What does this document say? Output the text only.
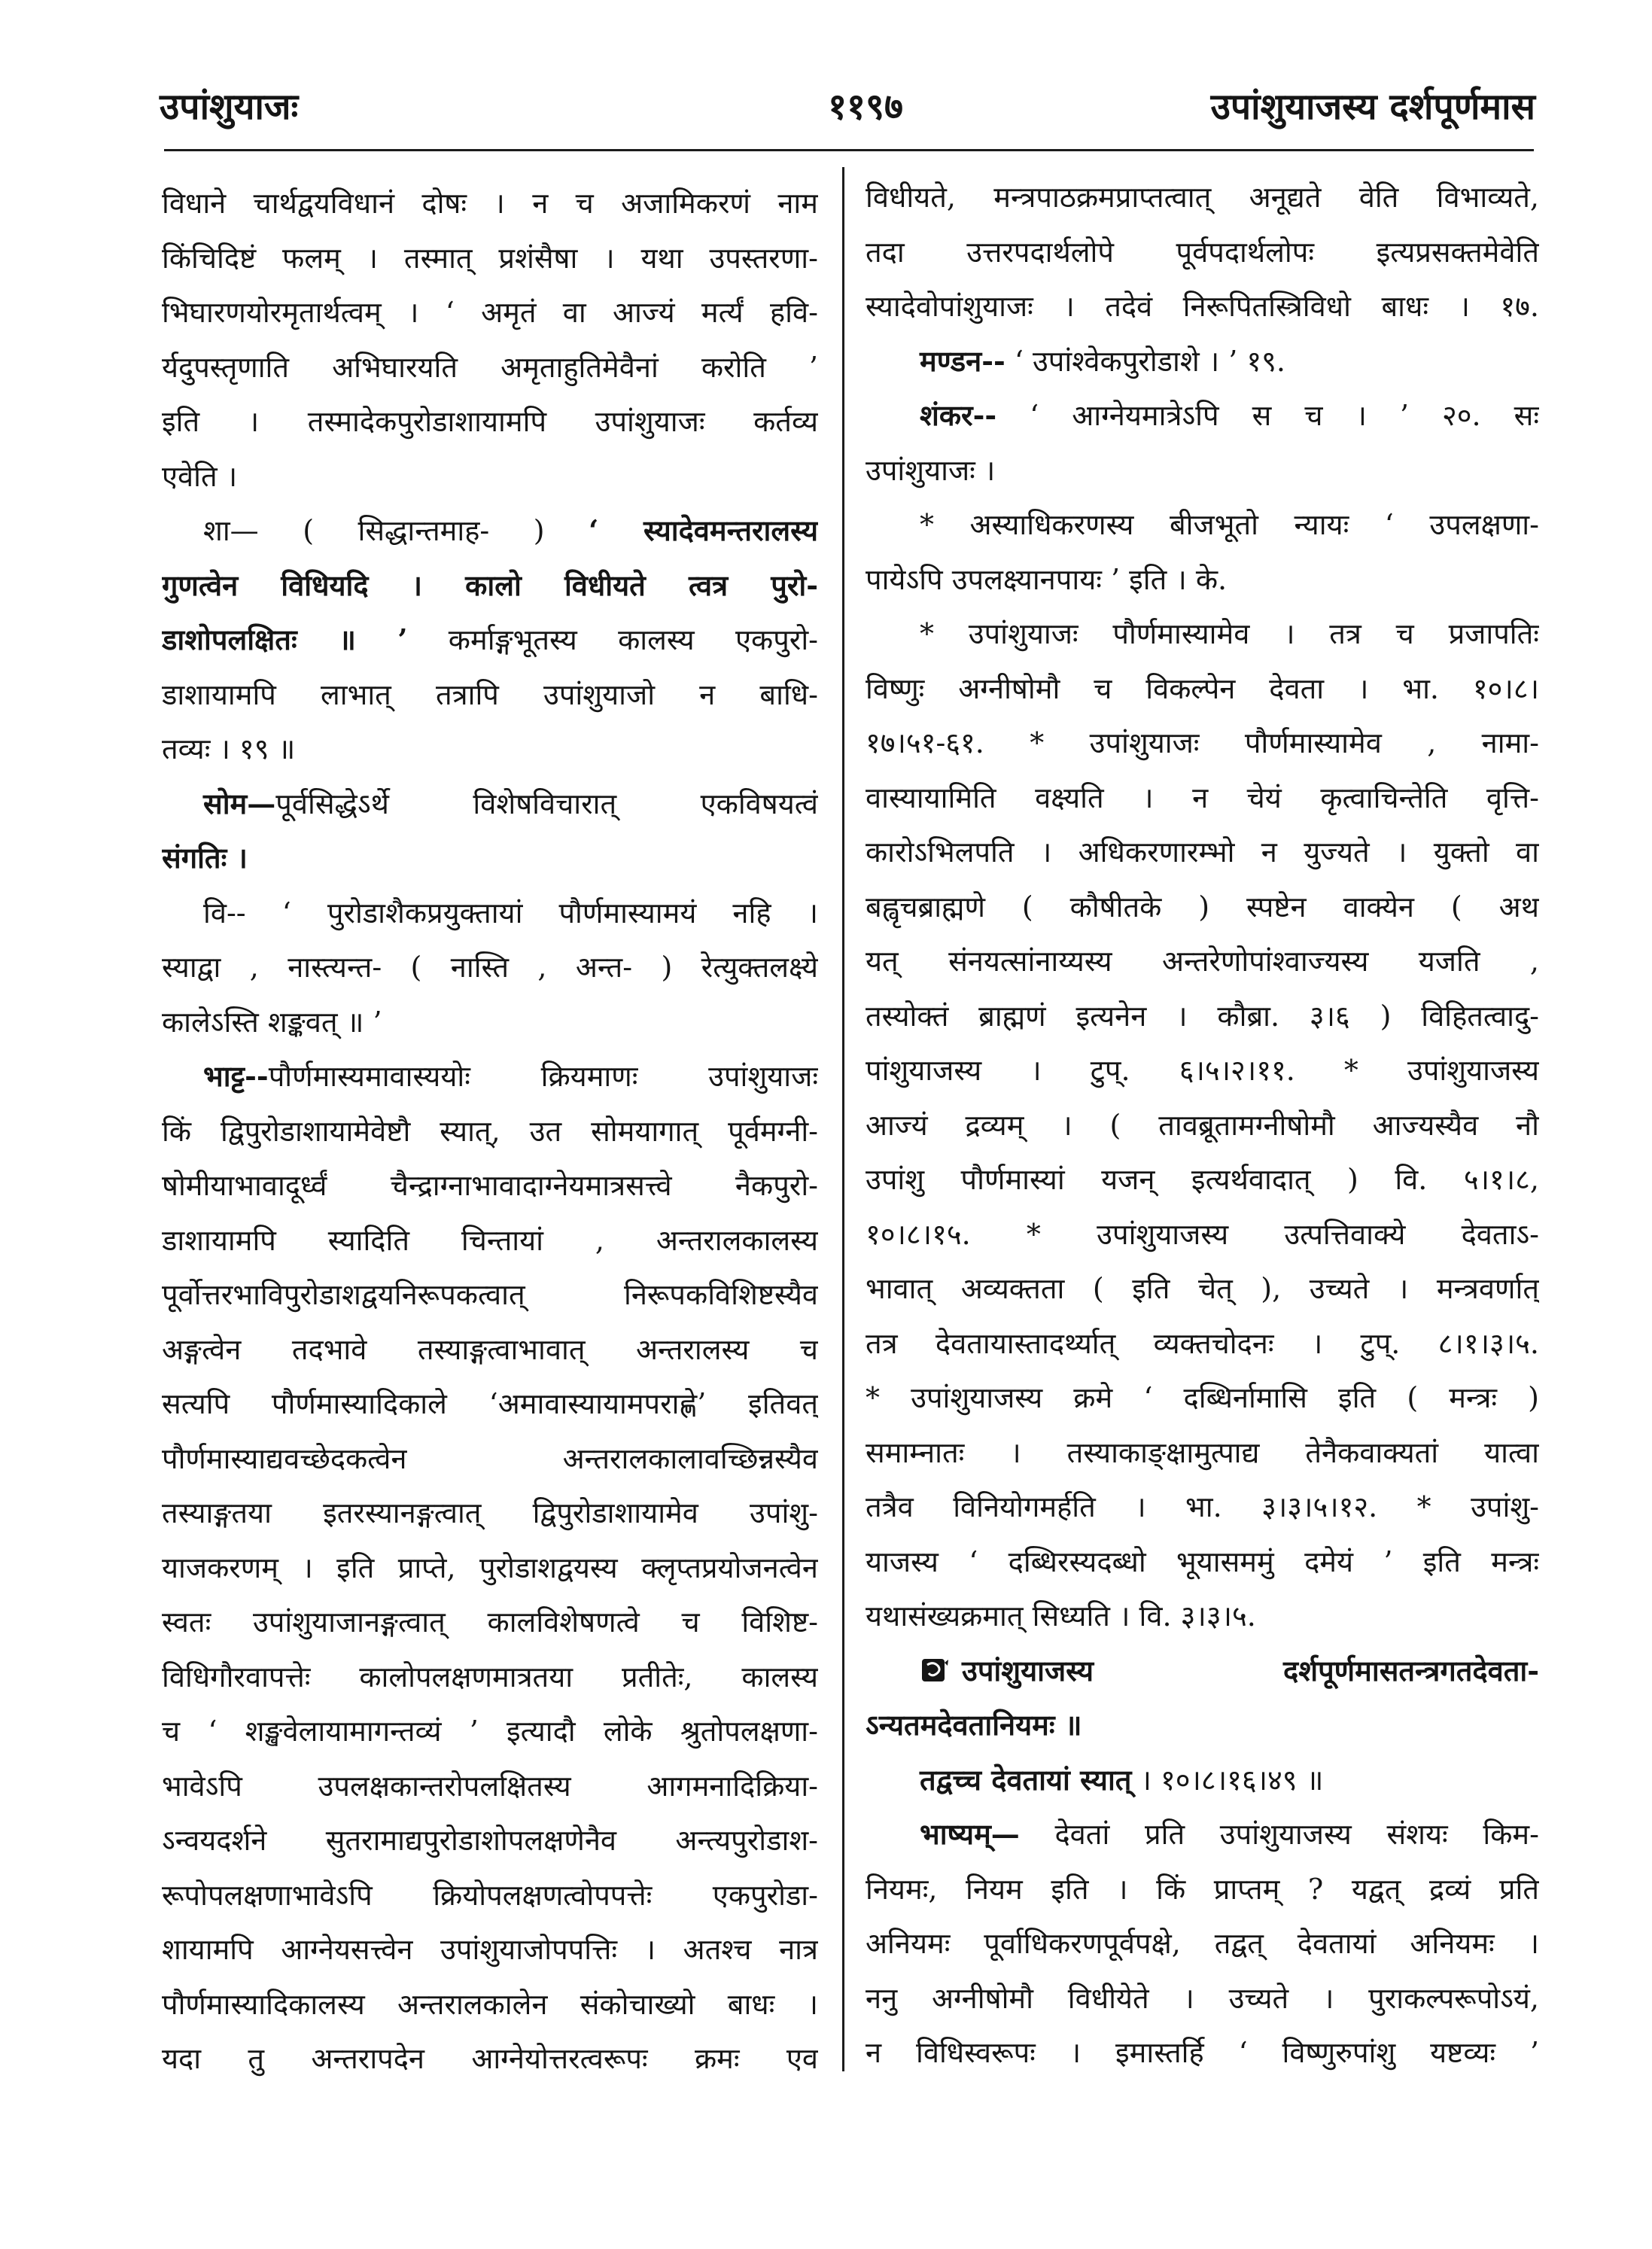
उपांशुयाजः	११९७	उपांशुयाजस्य दर्शपूर्णमास
विधाने चार्थद्वयविधानं दोषः । न च अजामिकरणं नाम
किंचिदिष्टं फलम् । तस्मात् प्रशंसैषा । यथा उपस्तरणा-
भिघारणयोरमृतार्थत्वम् । ‘ अमृतं वा आज्यं मर्त्यं हवि-
र्यदुपस्तृणाति अभिघारयति अमृताहुतिमेवैनां करोति ’
इति । तस्मादेकपुरोडाशायामपि उपांशुयाजः कर्तव्य
एवेति ।
शा— ( सिद्धान्तमाह- ) ‘ स्यादेवमन्तरालस्य
गुणत्वेन विधियदि । कालो विधीयते त्वत्र पुरो-
डाशोपलक्षितः ॥ ’ कर्माङ्गभूतस्य कालस्य एकपुरो-
डाशायामपि लाभात् तत्रापि उपांशुयाजो न बाधि-
तव्यः । १९ ॥
सोम—पूर्वसिद्धेऽर्थे विशेषविचारात् एकविषयत्वं
संगतिः ।
वि-- ‘ पुरोडाशैकप्रयुक्तायां पौर्णमास्यामयं नहि ।
स्याद्वा , नास्त्यन्त- ( नास्ति , अन्त- ) रेत्युक्तलक्ष्ये
कालेऽस्ति शङ्कवत् ॥ ’
भाट्ट--पौर्णमास्यमावास्ययोः क्रियमाणः उपांशुयाजः
किं द्विपुरोडाशायामेवेष्टौ स्यात्, उत सोमयागात् पूर्वमग्नी-
षोमीयाभावादूर्ध्वं चैन्द्राग्नाभावादाग्नेयमात्रसत्त्वे नैकपुरो-
डाशायामपि स्यादिति चिन्तायां , अन्तरालकालस्य
पूर्वोत्तरभाविपुरोडाशद्वयनिरूपकत्वात् निरूपकविशिष्टस्यैव
अङ्गत्वेन तदभावे तस्याङ्गत्वाभावात् अन्तरालस्य च
सत्यपि पौर्णमास्यादिकाले ‘अमावास्यायामपराह्णे’ इतिवत्
पौर्णमास्याद्यवच्छेदकत्वेन अन्तरालकालावच्छिन्नस्यैव
तस्याङ्गतया इतरस्यानङ्गत्वात् द्विपुरोडाशायामेव उपांशु-
याजकरणम् । इति प्राप्ते, पुरोडाशद्वयस्य क्लृप्तप्रयोजनत्वेन
स्वतः उपांशुयाजानङ्गत्वात् कालविशेषणत्वे च विशिष्ट-
विधिगौरवापत्तेः कालोपलक्षणमात्रतया प्रतीतेः, कालस्य
च ‘ शङ्खवेलायामागन्तव्यं ’ इत्यादौ लोके श्रुतोपलक्षणा-
भावेऽपि उपलक्षकान्तरोपलक्षितस्य आगमनादिक्रिया-
ऽन्वयदर्शने सुतरामाद्यपुरोडाशोपलक्षणेनैव अन्त्यपुरोडाश-
रूपोपलक्षणाभावेऽपि क्रियोपलक्षणत्वोपपत्तेः एकपुरोडा-
शायामपि आग्नेयसत्त्वेन उपांशुयाजोपपत्तिः । अतश्च नात्र
पौर्णमास्यादिकालस्य अन्तरालकालेन संकोचाख्यो बाधः ।
यदा तु अन्तरापदेन आग्नेयोत्तरत्वरूपः क्रमः एव
विधीयते, मन्त्रपाठक्रमप्राप्तत्वात् अनूद्यते वेति विभाव्यते,
तदा उत्तरपदार्थलोपे पूर्वपदार्थलोपः इत्यप्रसक्तमेवेति
स्यादेवोपांशुयाजः । तदेवं निरूपितस्त्रिविधो बाधः । १७.
मण्डन-- ‘ उपांश्वेकपुरोडाशे । ’ १९.
शंकर-- ‘ आग्नेयमात्रेऽपि स च । ’ २०. सः
उपांशुयाजः ।
* अस्याधिकरणस्य बीजभूतो न्यायः ‘ उपलक्षणा-
पायेऽपि उपलक्ष्यानपायः ’ इति । के.
* उपांशुयाजः पौर्णमास्यामेव । तत्र च प्रजापतिः
विष्णुः अग्नीषोमौ च विकल्पेन देवता । भा. १०।८।
१७।५१-६१. * उपांशुयाजः पौर्णमास्यामेव , नामा-
वास्यायामिति वक्ष्यति । न चेयं कृत्वाचिन्तेति वृत्ति-
कारोऽभिलपति । अधिकरणारम्भो न युज्यते । युक्तो वा
बह्वृचब्राह्मणे ( कौषीतके ) स्पष्टेन वाक्येन ( अथ
यत् संनयत्सांनाय्यस्य अन्तरेणोपांश्वाज्यस्य यजति ,
तस्योक्तं ब्राह्मणं इत्यनेन । कौब्रा. ३।६ ) विहितत्वादु-
पांशुयाजस्य । टुप्. ६।५।२।११. * उपांशुयाजस्य
आज्यं द्रव्यम् । ( तावब्रूतामग्नीषोमौ आज्यस्यैव नौ
उपांशु पौर्णमास्यां यजन् इत्यर्थवादात् ) वि. ५।१।८,
१०।८।१५. * उपांशुयाजस्य उत्पत्तिवाक्ये देवताऽ-
भावात् अव्यक्तता ( इति चेत् ), उच्यते । मन्त्रवर्णात्
तत्र देवतायास्तादर्थ्यात् व्यक्तचोदनः । टुप्. ८।१।३।५.
* उपांशुयाजस्य क्रमे ‘ दब्धिर्नामासि इति ( मन्त्रः )
समाम्नातः । तस्याकाङ्क्षामुत्पाद्य तेनैकवाक्यतां यात्वा
तत्रैव विनियोगमर्हति । भा. ३।३।५।१२. * उपांशु-
याजस्य ‘ दब्धिरस्यदब्धो भूयासममुं दमेयं ’ इति मन्त्रः
यथासंख्यक्रमात् सिध्यति । वि. ३।३।५.
उपांशुयाजस्य दर्शपूर्णमासतन्त्रगतदेवता-
ऽन्यतमदेवतानियमः ॥
तद्वच्च देवतायां स्यात् । १०।८।१६।४९ ॥
भाष्यम्— देवतां प्रति उपांशुयाजस्य संशयः किम-
नियमः, नियम इति । किं प्राप्तम् ? यद्वत् द्रव्यं प्रति
अनियमः पूर्वाधिकरणपूर्वपक्षे, तद्वत् देवतायां अनियमः ।
ननु अग्नीषोमौ विधीयेते । उच्यते । पुराकल्परूपोऽयं,
न विधिस्वरूपः । इमास्तर्हि ‘ विष्णुरुपांशु यष्टव्यः ’
